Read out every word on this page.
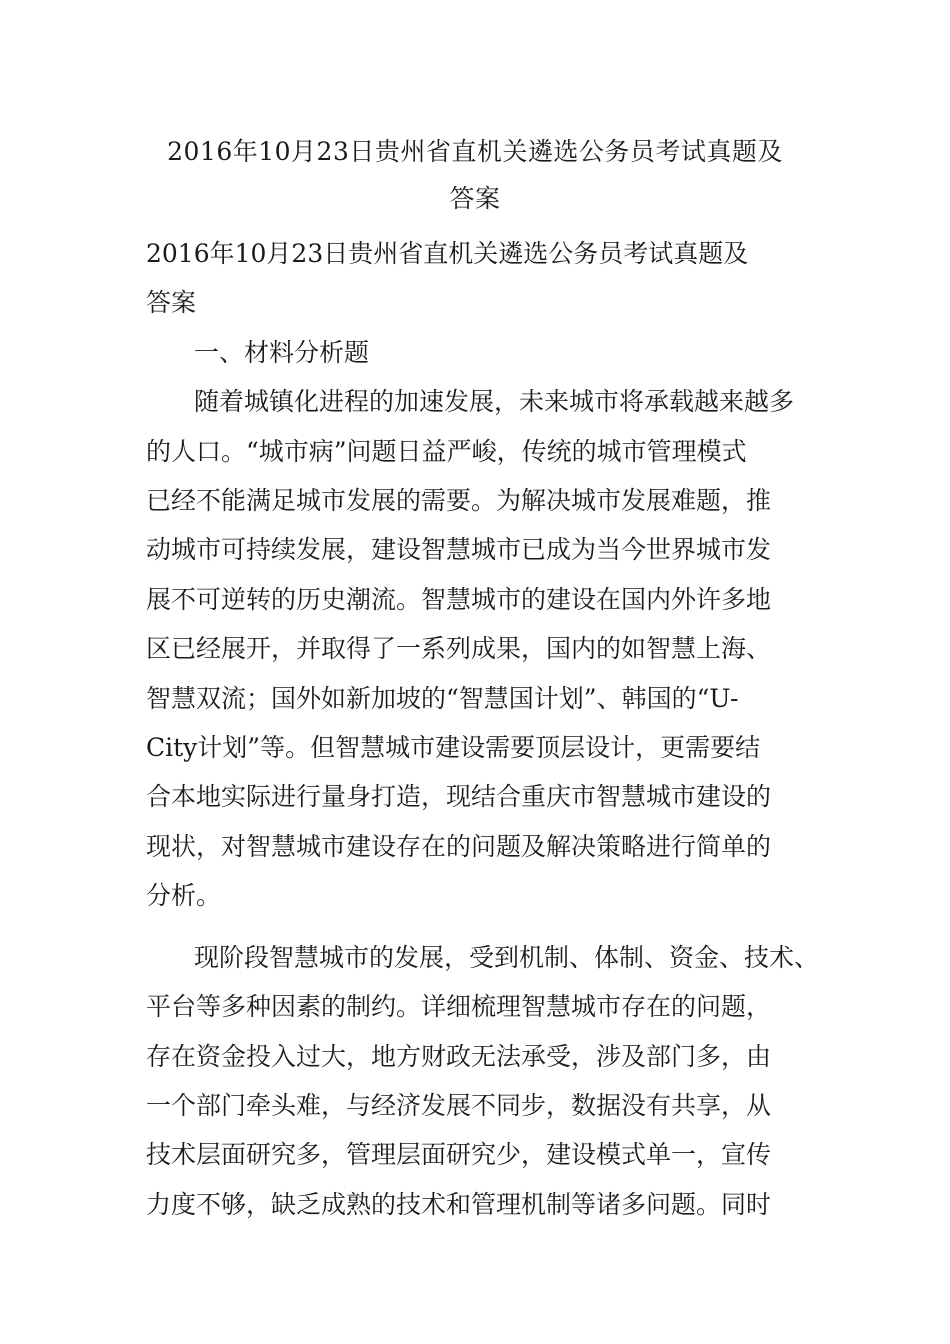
2016年10月23日贵州省直机关遴选公务员考试真题及
答案
2016年10月23日贵州省直机关遴选公务员考试真题及
答案
一、材料分析题
随着城镇化进程的加速发展，未来城市将承载越来越多
的人口。“城市病”问题日益严峻，传统的城市管理模式
已经不能满足城市发展的需要。为解决城市发展难题，推
动城市可持续发展，建设智慧城市已成为当今世界城市发
展不可逆转的历史潮流。智慧城市的建设在国内外许多地
区已经展开，并取得了一系列成果，国内的如智慧上海、
智慧双流；国外如新加坡的“智慧国计划”、韩国的“U-
City计划”等。但智慧城市建设需要顶层设计，更需要结
合本地实际进行量身打造，现结合重庆市智慧城市建设的
现状，对智慧城市建设存在的问题及解决策略进行简单的
分析。
现阶段智慧城市的发展，受到机制、体制、资金、技术、
平台等多种因素的制约。详细梳理智慧城市存在的问题，
存在资金投入过大，地方财政无法承受，涉及部门多，由
一个部门牵头难，与经济发展不同步，数据没有共享，从
技术层面研究多，管理层面研究少，建设模式单一，宣传
力度不够，缺乏成熟的技术和管理机制等诸多问题。同时
